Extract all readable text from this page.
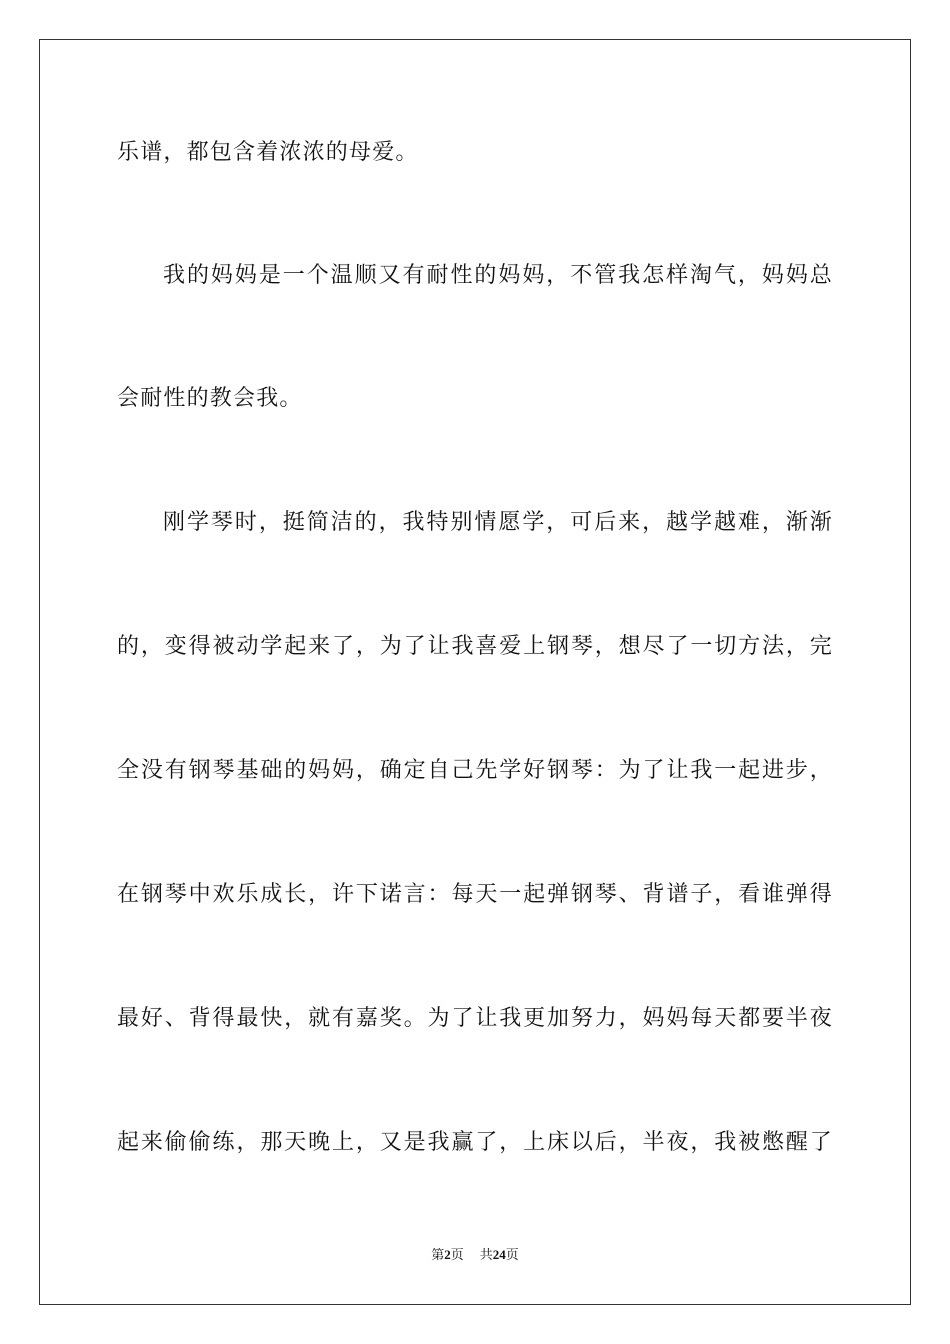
乐谱，都包含着浓浓的母爱。
我的妈妈是一个温顺又有耐性的妈妈，不管我怎样淘气，妈妈总
会耐性的教会我。
刚学琴时，挺简洁的，我特别情愿学，可后来，越学越难，渐渐
的，变得被动学起来了，为了让我喜爱上钢琴，想尽了一切方法，完
全没有钢琴基础的妈妈，确定自己先学好钢琴：为了让我一起进步，
在钢琴中欢乐成长，许下诺言：每天一起弹钢琴、背谱子，看谁弹得
最好、背得最快，就有嘉奖。为了让我更加努力，妈妈每天都要半夜
起来偷偷练，那天晚上，又是我赢了，上床以后，半夜，我被憋醒了
第2页 共24页
